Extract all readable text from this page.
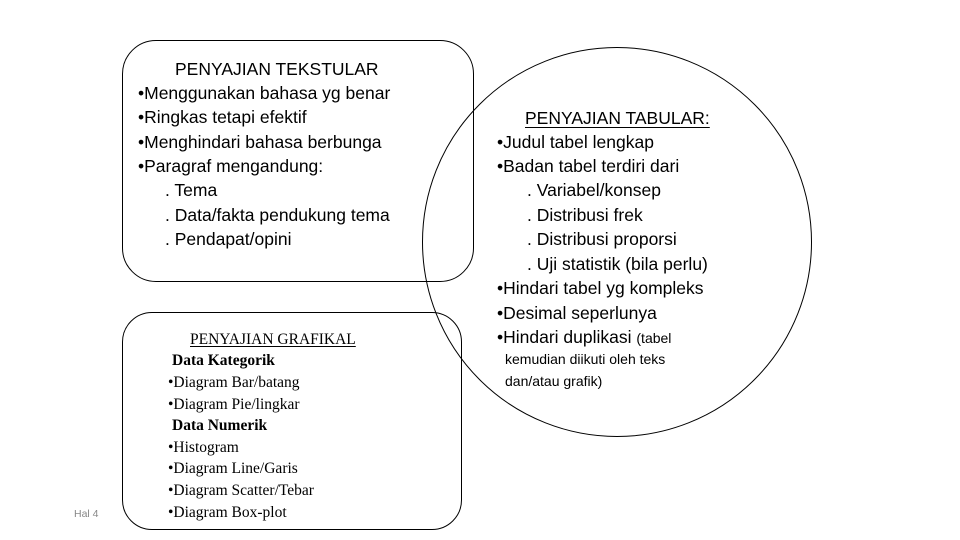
PENYAJIAN TEKSTULAR
•Menggunakan bahasa yg benar
•Ringkas tetapi efektif
•Menghindari bahasa berbunga
•Paragraf mengandung:
. Tema
. Data/fakta pendukung tema
. Pendapat/opini
PENYAJIAN GRAFIKAL
Data Kategorik
•Diagram Bar/batang
•Diagram Pie/lingkar
Data Numerik
•Histogram
•Diagram Line/Garis
•Diagram Scatter/Tebar
•Diagram Box-plot
PENYAJIAN TABULAR:
•Judul tabel lengkap
•Badan tabel terdiri dari
. Variabel/konsep
. Distribusi frek
. Distribusi proporsi
. Uji statistik (bila perlu)
•Hindari tabel yg kompleks
•Desimal seperlunya
•Hindari duplikasi (tabel
kemudian diikuti oleh teks
dan/atau grafik)
Hal 4
